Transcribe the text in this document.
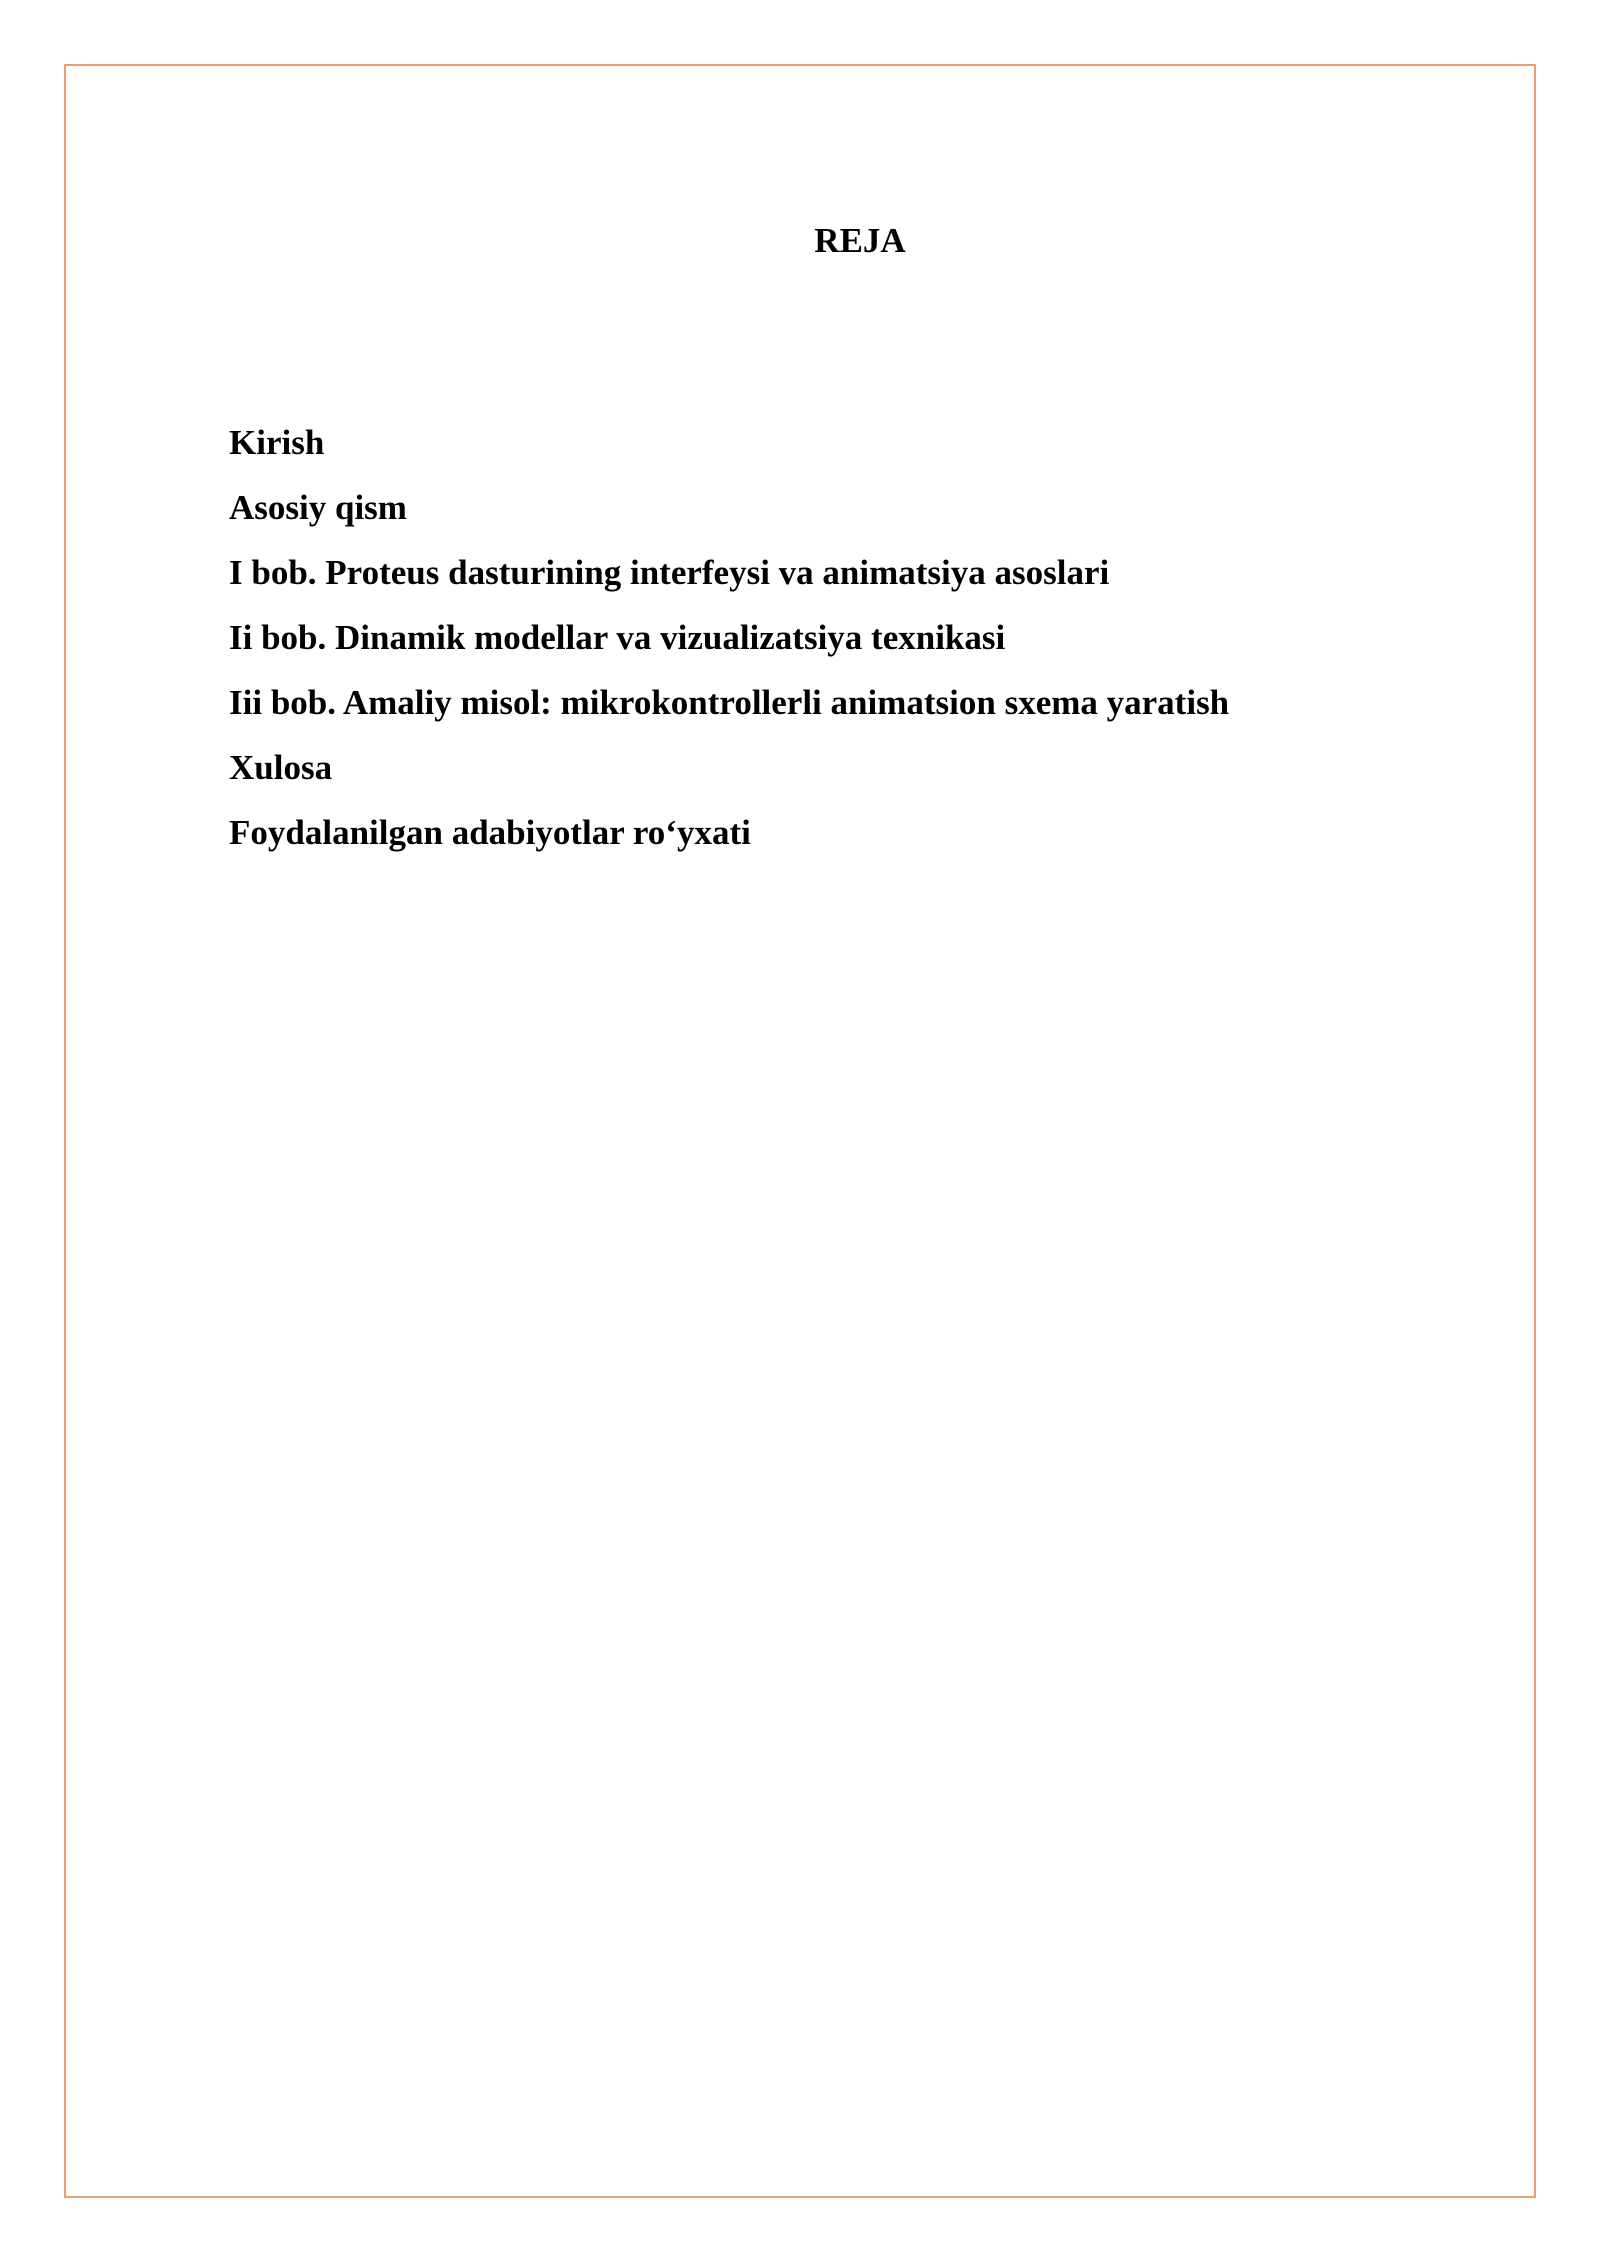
REJA
Kirish
Asosiy qism
I bob. Proteus dasturining interfeysi va animatsiya asoslari
Ii bob. Dinamik modellar va vizualizatsiya texnikasi
Iii bob. Amaliy misol: mikrokontrollerli animatsion sxema yaratish
Xulosa
Foydalanilgan adabiyotlar ro‘yxati
